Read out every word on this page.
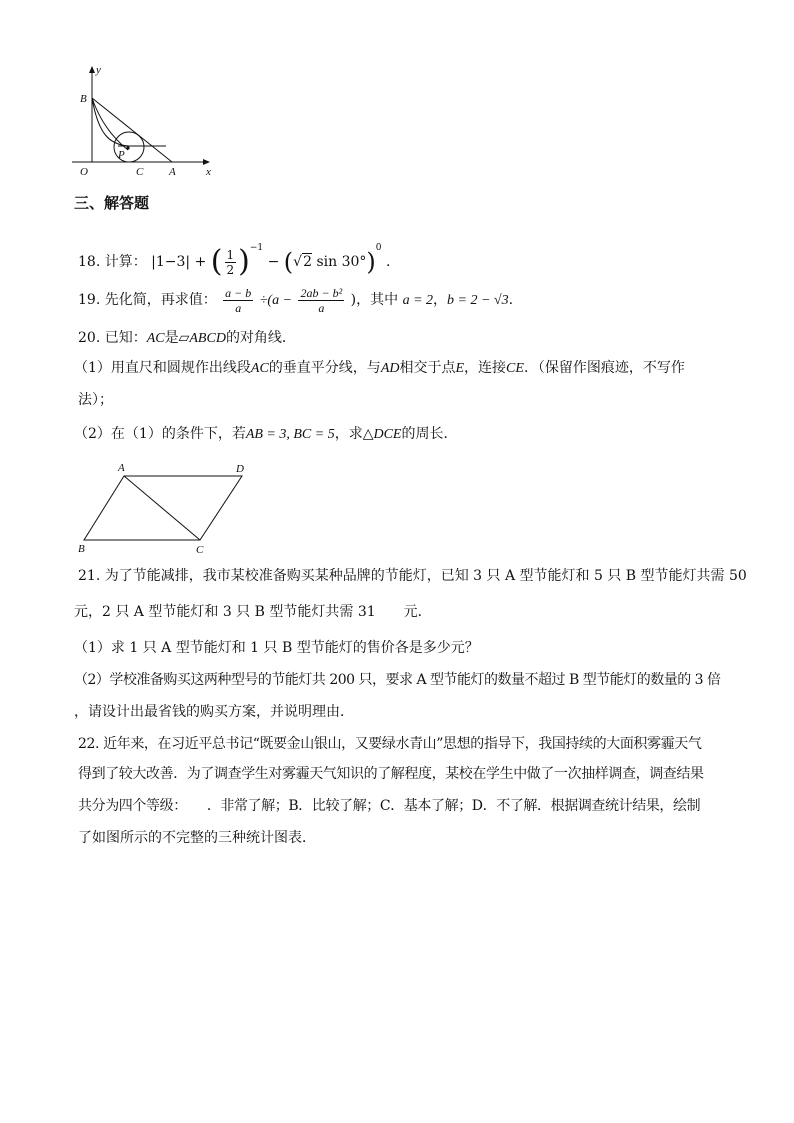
y
x
B
O	C A
P
三、解答题
18. 计算： |1−3| + ( $\frac{1}{2} )^{-1} - (√2$ sin 30°)$^0$ .
19. 先化简，再求值： $\frac{a - b}{a} \div(a - \frac{\text{2ab − b²}}{a}$ )，其中 a = 2，b = 2 − √3.
20. 已知：AC是▱ABCD的对角线．
（1）用直尺和圆规作出线段AC的垂直平分线，与AD相交于点E，连接CE．（保留作图痕迹，不写作
法）；
（2）在（1）的条件下，若AB = 3, BC = 5，求△DCE的周长．
A	D
B	C
21. 为了节能减排，我市某校准备购买某种品牌的节能灯，已知 3 只 A 型节能灯和 5 只 B 型节能灯共需 50
元，2 只 A 型节能灯和 3 只 B 型节能灯共需 31 元．
（1）求 1 只 A 型节能灯和 1 只 B 型节能灯的售价各是多少元？
（2）学校准备购买这两种型号的节能灯共 200 只，要求 A 型节能灯的数量不超过 B 型节能灯的数量的 3 倍
，请设计出最省钱的购买方案，并说明理由．
22. 近年来，在习近平总书记“既要金山银山，又要绿水青山”思想的指导下，我国持续的大面积雾霾天气
得到了较大改善．为了调查学生对雾霾天气知识的了解程度，某校在学生中做了一次抽样调查，调查结果
共分为四个等级： ．非常了解；B．比较了解；C．基本了解；D．不了解．根据调查统计结果，绘制
了如图所示的不完整的三种统计图表．
